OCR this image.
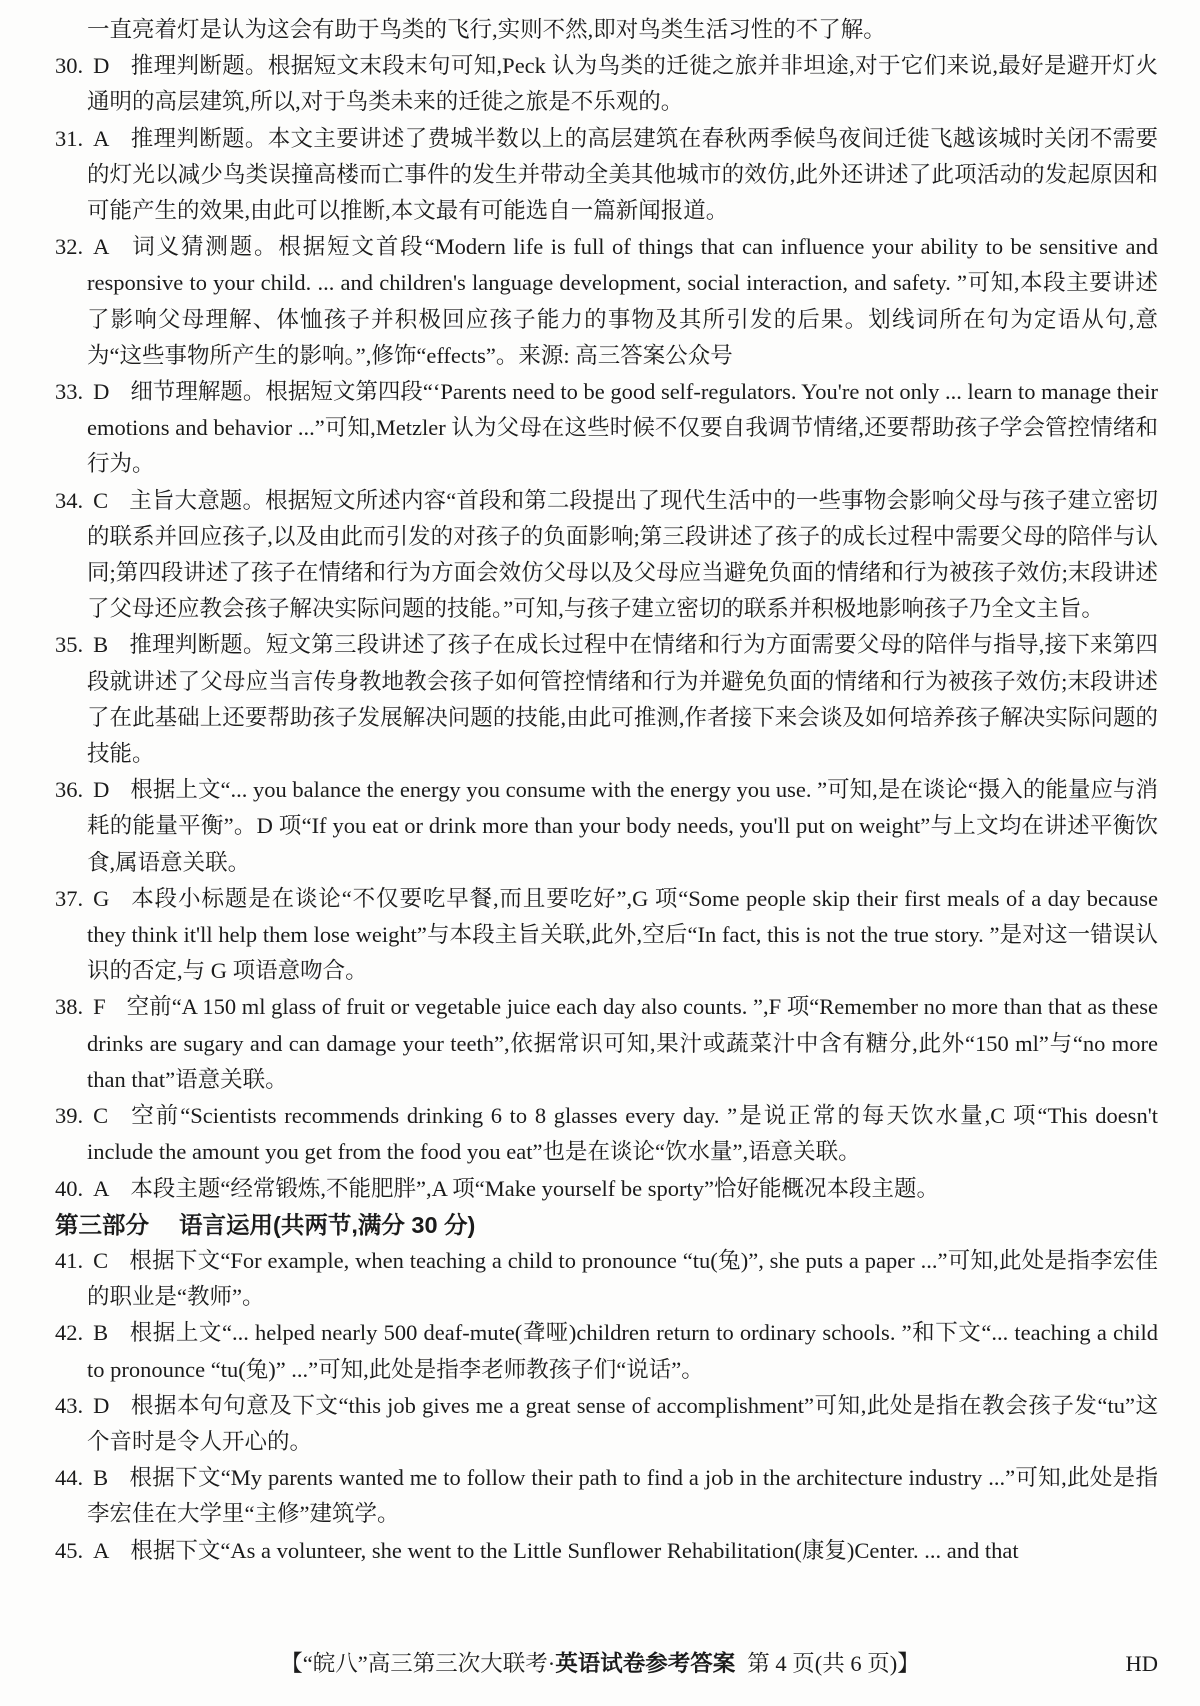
一直亮着灯是认为这会有助于鸟类的飞行,实则不然,即对鸟类生活习性的不了解。
30. D 推理判断题。根据短文末段末句可知,Peck 认为鸟类的迁徙之旅并非坦途,对于它们来说,最好是避开灯火通明的高层建筑,所以,对于鸟类未来的迁徙之旅是不乐观的。
31. A 推理判断题。本文主要讲述了费城半数以上的高层建筑在春秋两季候鸟夜间迁徙飞越该城时关闭不需要的灯光以减少鸟类误撞高楼而亡事件的发生并带动全美其他城市的效仿,此外还讲述了此项活动的发起原因和可能产生的效果,由此可以推断,本文最有可能选自一篇新闻报道。
32. A 词义猜测题。根据短文首段“Modern life is full of things that can influence your ability to be sensitive and responsive to your child. ... and children's language development, social interaction, and safety. ”可知,本段主要讲述了影响父母理解、体恤孩子并积极回应孩子能力的事物及其所引发的后果。划线词所在句为定语从句,意为“这些事物所产生的影响。”,修饰“effects”。来源: 高三答案公众号
33. D 细节理解题。根据短文第四段“‘Parents need to be good self-regulators. You're not only ... learn to manage their emotions and behavior ...”可知,Metzler 认为父母在这些时候不仅要自我调节情绪,还要帮助孩子学会管控情绪和行为。
34. C 主旨大意题。根据短文所述内容“首段和第二段提出了现代生活中的一些事物会影响父母与孩子建立密切的联系并回应孩子,以及由此而引发的对孩子的负面影响;第三段讲述了孩子的成长过程中需要父母的陪伴与认同;第四段讲述了孩子在情绪和行为方面会效仿父母以及父母应当避免负面的情绪和行为被孩子效仿;末段讲述了父母还应教会孩子解决实际问题的技能。”可知,与孩子建立密切的联系并积极地影响孩子乃全文主旨。
35. B 推理判断题。短文第三段讲述了孩子在成长过程中在情绪和行为方面需要父母的陪伴与指导,接下来第四段就讲述了父母应当言传身教地教会孩子如何管控情绪和行为并避免负面的情绪和行为被孩子效仿;末段讲述了在此基础上还要帮助孩子发展解决问题的技能,由此可推测,作者接下来会谈及如何培养孩子解决实际问题的技能。
36. D 根据上文“... you balance the energy you consume with the energy you use. ”可知,是在谈论“摄入的能量应与消耗的能量平衡”。D 项“If you eat or drink more than your body needs, you'll put on weight”与上文均在讲述平衡饮食,属语意关联。
37. G 本段小标题是在谈论“不仅要吃早餐,而且要吃好”,G 项“Some people skip their first meals of a day because they think it'll help them lose weight”与本段主旨关联,此外,空后“In fact, this is not the true story. ”是对这一错误认识的否定,与 G 项语意吻合。
38. F 空前“A 150 ml glass of fruit or vegetable juice each day also counts. ”,F 项“Remember no more than that as these drinks are sugary and can damage your teeth”,依据常识可知,果汁或蔬菜汁中含有糖分,此外“150 ml”与“no more than that”语意关联。
39. C 空前“Scientists recommends drinking 6 to 8 glasses every day. ”是说正常的每天饮水量,C 项“This doesn't include the amount you get from the food you eat”也是在谈论“饮水量”,语意关联。
40. A 本段主题“经常锻炼,不能肥胖”,A 项“Make yourself be sporty”恰好能概况本段主题。
第三部分 语言运用(共两节,满分 30 分)
41. C 根据下文“For example, when teaching a child to pronounce “tu(兔)”, she puts a paper ...”可知,此处是指李宏佳的职业是“教师”。
42. B 根据上文“... helped nearly 500 deaf-mute(聋哑)children return to ordinary schools. ”和下文“... teaching a child to pronounce “tu(兔)” ...”可知,此处是指李老师教孩子们“说话”。
43. D 根据本句句意及下文“this job gives me a great sense of accomplishment”可知,此处是指在教会孩子发“tu”这个音时是令人开心的。
44. B 根据下文“My parents wanted me to follow their path to find a job in the architecture industry ...”可知,此处是指李宏佳在大学里“主修”建筑学。
45. A 根据下文“As a volunteer, she went to the Little Sunflower Rehabilitation(康复)Center. ... and that
【“皖八”高三第三次大联考·英语试卷参考答案 第 4 页(共 6 页)】	HD
